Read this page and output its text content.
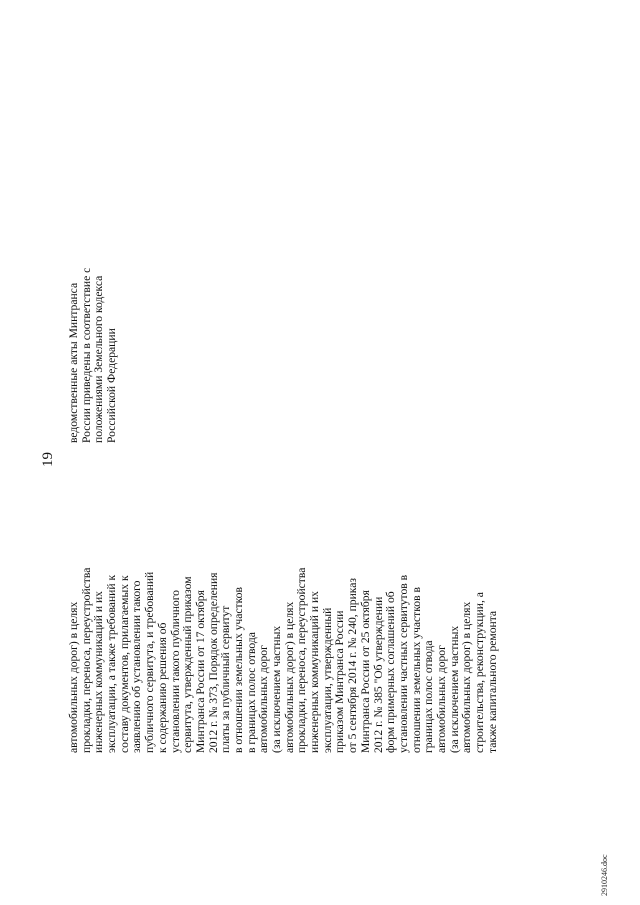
19
автомобильных дорог) в целях прокладки, переноса, переустройства инженерных коммуникаций и их эксплуатации, а также требований к составу документов, прилагаемых к заявлению об установлении такого публичного сервитута, и требований к содержанию решения об установлении такого публичного сервитута, утвержденный приказом Минтранса России от 17 октября 2012 г. № 373, Порядок определения платы за публичный сервитут в отношении земельных участков в границах полос отвода автомобильных дорог (за исключением частных автомобильных дорог) в целях прокладки, переноса, переустройства инженерных коммуникаций и их эксплуатации, утвержденный приказом Минтранса России от 5 сентября 2014 г. № 240, приказ Минтранса России от 25 октября 2012 г. № 385 "Об утверждении форм примерных соглашений об установлении частных сервитутов в отношении земельных участков в границах полос отвода автомобильных дорог (за исключением частных автомобильных дорог) в целях строительства, реконструкции, а также капитального ремонта
ведомственные акты Минтранса России приведены в соответствие с положениями Земельного кодекса Российской Федерации
2910246.doc
